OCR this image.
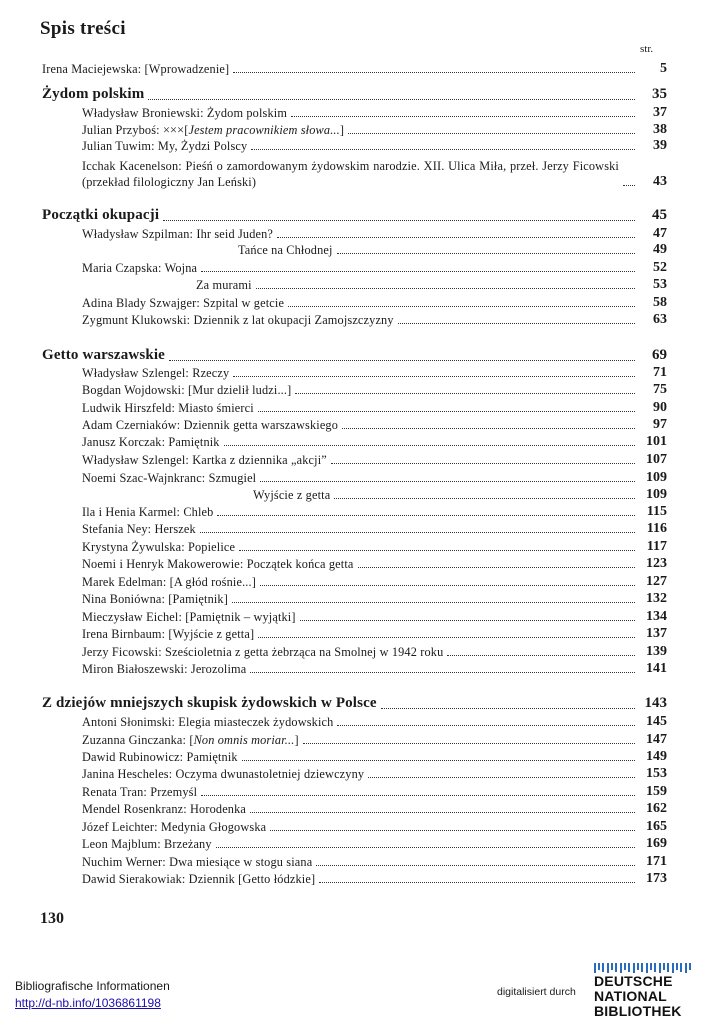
Spis treści
str.
Irena Maciejewska: [Wprowadzenie]	5
Żydom polskim	35
Władysław Broniewski: Żydom polskim	37
Julian Przyboś: ×××[Jestem pracownikiem słowa...]	38
Julian Tuwim: My, Żydzi Polscy	39
Icchak Kacenelson: Pieśń o zamordowanym żydowskim narodzie. XII. Ulica Miła, przeł. Jerzy Ficowski (przekład filologiczny Jan Leński)	43
Początki okupacji	45
Władysław Szpilman: Ihr seid Juden?	47
Tańce na Chłodnej	49
Maria Czapska: Wojna	52
Za murami	53
Adina Blady Szwajger: Szpital w getcie	58
Zygmunt Klukowski: Dziennik z lat okupacji Zamojszczyzny	63
Getto warszawskie	69
Władysław Szlengel: Rzeczy	71
Bogdan Wojdowski: [Mur dzielił ludzi...]	75
Ludwik Hirszfeld: Miasto śmierci	90
Adam Czerniaków: Dziennik getta warszawskiego	97
Janusz Korczak: Pamiętnik	101
Władysław Szlengel: Kartka z dziennika „akcji”	107
Noemi Szac-Wajnkranc: Szmugiel	109
Wyjście z getta	109
Ila i Henia Karmel: Chleb	115
Stefania Ney: Herszek	116
Krystyna Żywulska: Popielice	117
Noemi i Henryk Makowerowie: Początek końca getta	123
Marek Edelman: [A głód rośnie...]	127
Nina Boniówna: [Pamiętnik]	132
Mieczysław Eichel: [Pamiętnik – wyjątki]	134
Irena Birnbaum: [Wyjście z getta]	137
Jerzy Ficowski: Sześcioletnia z getta żebrząca na Smolnej w 1942 roku	139
Miron Białoszewski: Jerozolima	141
Z dziejów mniejszych skupisk żydowskich w Polsce	143
Antoni Słonimski: Elegia miasteczek żydowskich	145
Zuzanna Ginczanka: [Non omnis moriar...]	147
Dawid Rubinowicz: Pamiętnik	149
Janina Hescheles: Oczyma dwunastoletniej dziewczyny	153
Renata Tran: Przemyśl	159
Mendel Rosenkranz: Horodenka	162
Józef Leichter: Medynia Głogowska	165
Leon Majblum: Brzeżany	169
Nuchim Werner: Dwa miesiące w stogu siana	171
Dawid Sierakowiak: Dziennik [Getto łódzkie]	173
130
Bibliografische Informationen
http://d-nb.info/1036861198
digitalisiert durch
DEUTSCHE
NATIONAL
BIBLIOTHEK
